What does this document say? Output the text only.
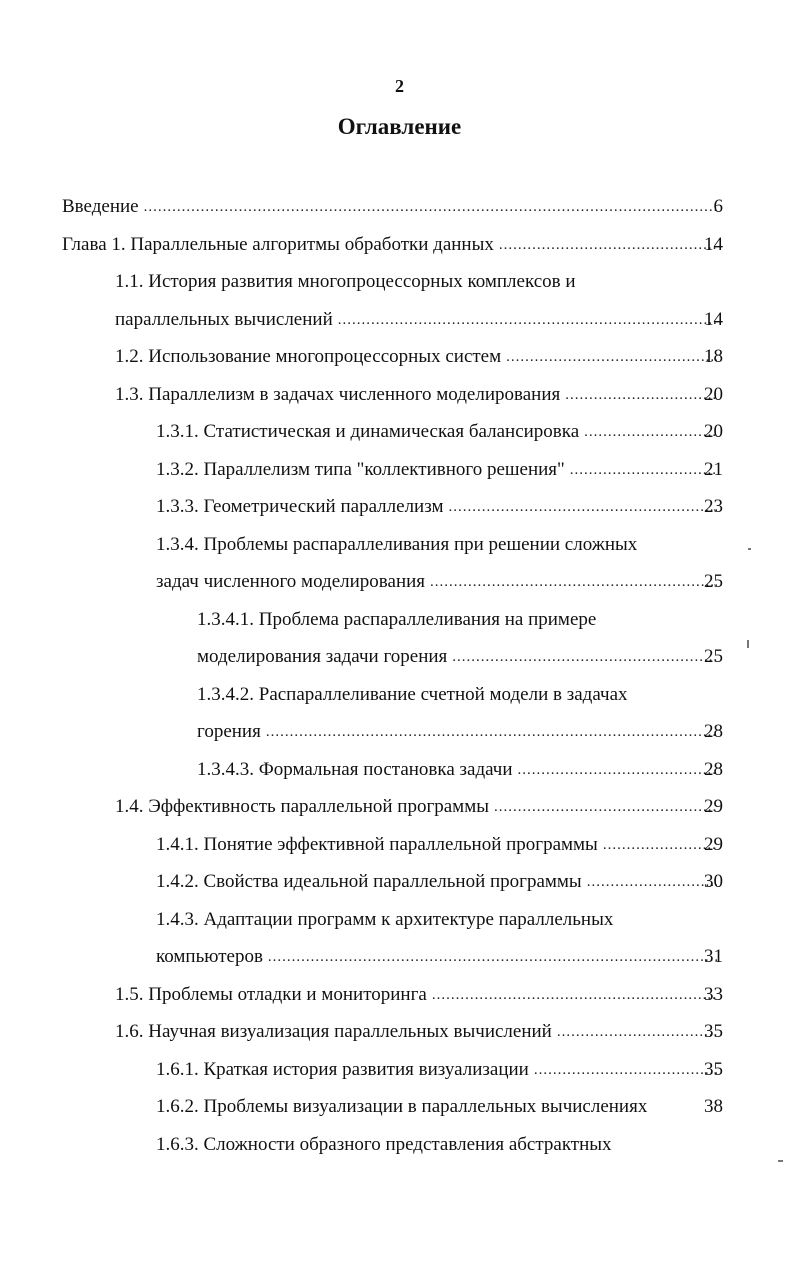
2
Оглавление
Введение .....	6
Глава 1. Параллельные алгоритмы обработки данных .....	14
1.1. История развития многопроцессорных комплексов и
параллельных вычислений .....	14
1.2. Использование многопроцессорных систем .....	18
1.3. Параллелизм в задачах численного моделирования .....	20
1.3.1. Статистическая и динамическая балансировка .....	20
1.3.2. Параллелизм типа "коллективного решения" .....	21
1.3.3. Геометрический параллелизм .....	23
1.3.4. Проблемы распараллеливания при решении сложных
задач численного моделирования .....	25
1.3.4.1. Проблема распараллеливания на примере
моделирования задачи горения .....	25
1.3.4.2. Распараллеливание счетной модели в задачах
горения .....	28
1.3.4.3. Формальная постановка задачи .....	28
1.4. Эффективность параллельной программы .....	29
1.4.1. Понятие эффективной параллельной программы .....	29
1.4.2. Свойства идеальной параллельной программы .....	30
1.4.3. Адаптации программ к архитектуре параллельных
компьютеров .....	31
1.5. Проблемы отладки и мониторинга .....	33
1.6. Научная визуализация параллельных вычислений .....	35
1.6.1. Краткая история развития визуализации .....	35
1.6.2. Проблемы визуализации в параллельных вычислениях	38
1.6.3. Сложности образного представления абстрактных
